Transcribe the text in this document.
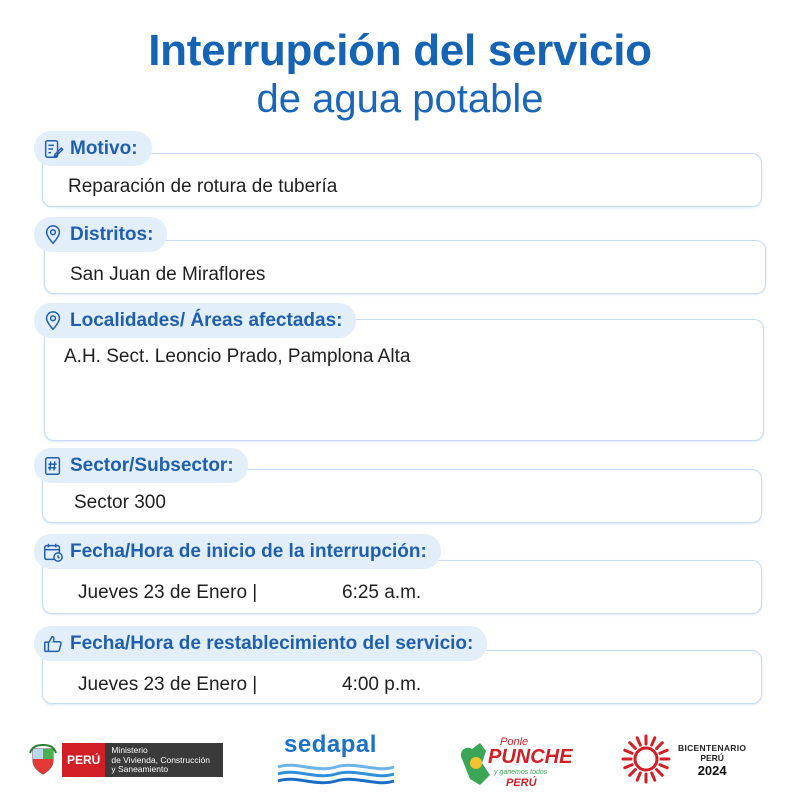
Interrupción del servicio
de agua potable
Motivo:
Reparación de rotura de tubería
Distritos:
San Juan de Miraflores
Localidades/ Áreas afectadas:
A.H. Sect. Leoncio Prado, Pamplona Alta
Sector/Subsector:
Sector 300
Fecha/Hora de inicio de la interrupción:
Jueves 23 de Enero |	6:25 a.m.
Fecha/Hora de restablecimiento del servicio:
Jueves 23 de Enero |	4:00 p.m.
PERÚ
Ministerio
de Vivienda, Construcción
y Saneamiento
sedapal	Ponle
PUNCHE
y ganemos todos
PERÚ
BICENTENARIO
PERÚ
2024
